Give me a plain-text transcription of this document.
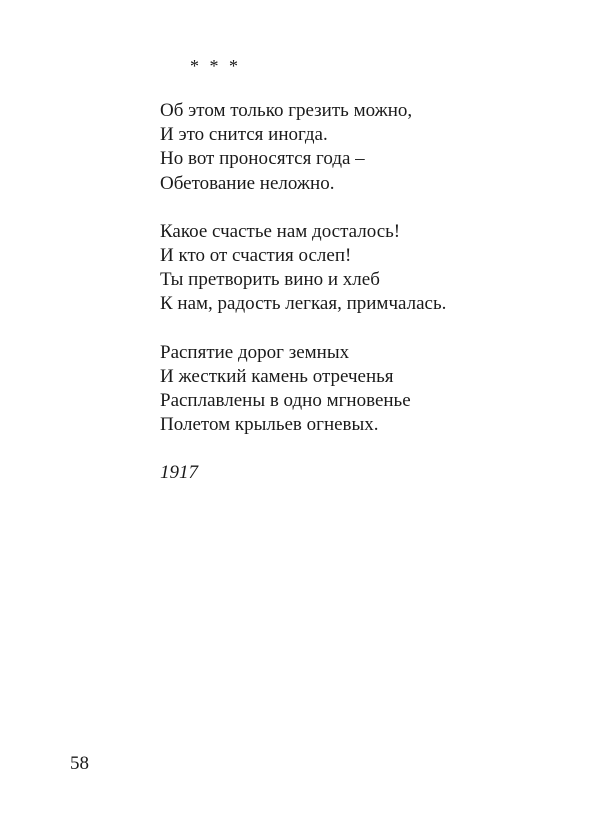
* * *
Об этом только грезить можно,
И это снится иногда.
Но вот проносятся года –
Обетование неложно.
Какое счастье нам досталось!
И кто от счастия ослеп!
Ты претворить вино и хлеб
К нам, радость легкая, примчалась.
Распятие дорог земных
И жесткий камень отреченья
Расплавлены в одно мгновенье
Полетом крыльев огневых.
1917
58
